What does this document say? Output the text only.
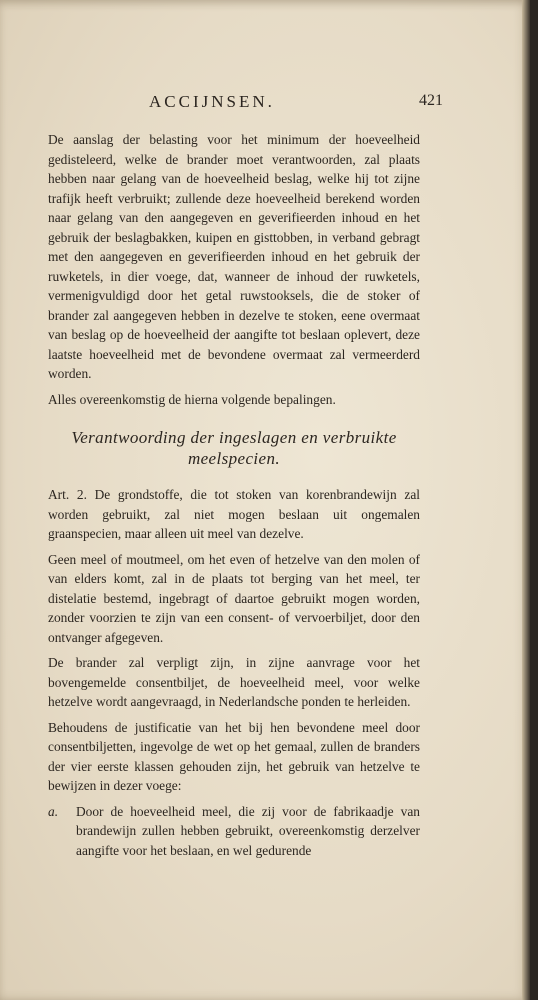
ACCIJNSEN.	421

De aanslag der belasting voor het minimum der hoeveelheid gedisteleerd, welke de brander moet verantwoorden, zal plaats hebben naar gelang van de hoeveelheid beslag, welke hij tot zijne trafijk heeft verbruikt; zullende deze hoeveelheid berekend worden naar gelang van den aangegeven en geverifieerden inhoud en het gebruik der beslagbakken, kuipen en gisttobben, in verband gebragt met den aangegeven en geverifieerden inhoud en het gebruik der ruwketels, in dier voege, dat, wanneer de inhoud der ruwketels, vermenigvuldigd door het getal ruwstooksels, die de stoker of brander zal aangegeven hebben in dezelve te stoken, eene overmaat van beslag op de hoeveelheid der aangifte tot beslaan oplevert, deze laatste hoeveelheid met de bevondene overmaat zal vermeerderd worden.

Alles overeenkomstig de hierna volgende bepalingen.

Verantwoording der ingeslagen en verbruikte meelspecien.

Art. 2. De grondstoffe, die tot stoken van korenbrandewijn zal worden gebruikt, zal niet mogen beslaan uit ongemalen graanspecien, maar alleen uit meel van dezelve.

Geen meel of moutmeel, om het even of hetzelve van den molen of van elders komt, zal in de plaats tot berging van het meel, ter distelatie bestemd, ingebragt of daartoe gebruikt mogen worden, zonder voorzien te zijn van een consent- of vervoerbiljet, door den ontvanger afgegeven.

De brander zal verpligt zijn, in zijne aanvrage voor het bovengemelde consentbiljet, de hoeveelheid meel, voor welke hetzelve wordt aangevraagd, in Nederlandsche ponden te herleiden.

Behoudens de justificatie van het bij hen bevondene meel door consentbiljetten, ingevolge de wet op het gemaal, zullen de branders der vier eerste klassen gehouden zijn, het gebruik van hetzelve te bewijzen in dezer voege:

a. Door de hoeveelheid meel, die zij voor de fabrikaadje van brandewijn zullen hebben gebruikt, overeenkomstig derzelver aangifte voor het beslaan, en wel gedurende
